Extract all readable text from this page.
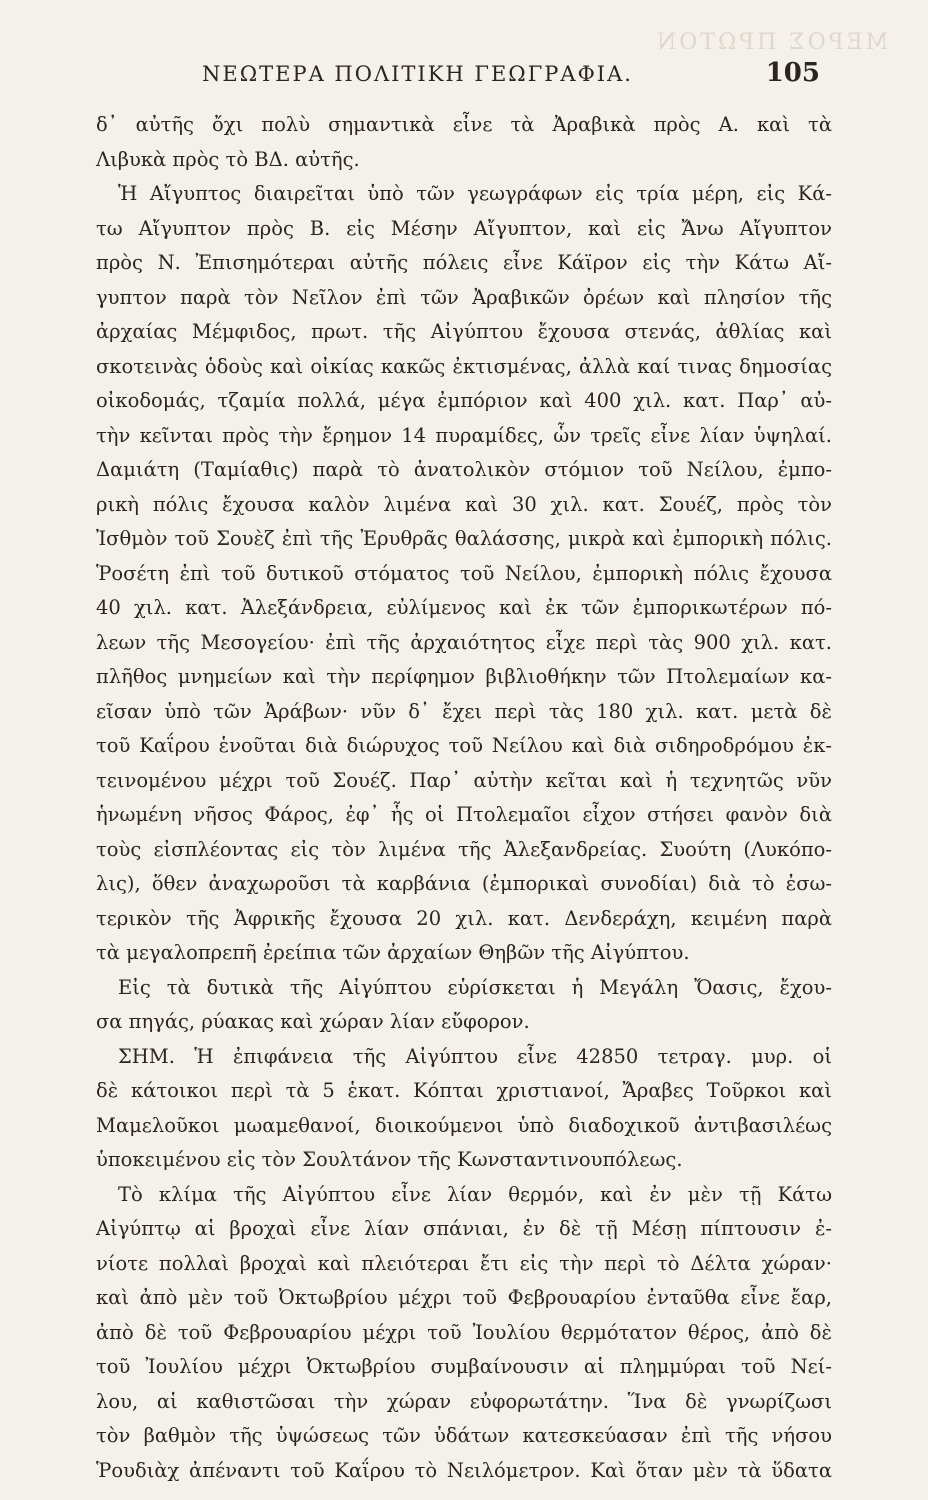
ΜΕΡΟΣ ΠΡΩΤΟΝ
ΝΕΩΤΕΡΑ ΠΟΛΙΤΙΚΗ ΓΕΩΓΡΑΦΙΑ.	105
δ᾿ αὐτῆς ὄχι πολὺ σημαντικὰ εἶνε τὰ Ἀραβικὰ πρὸς Α. καὶ τὰ
Λιβυκὰ πρὸς τὸ ΒΔ. αὐτῆς.
Ἡ Αἴγυπτος διαιρεῖται ὑπὸ τῶν γεωγράφων εἰς τρία μέρη, εἰς Κά-
τω Αἴγυπτον πρὸς Β. εἰς Μέσην Αἴγυπτον, καὶ εἰς Ἄνω Αἴγυπτον
πρὸς Ν. Ἐπισημότεραι αὐτῆς πόλεις εἶνε Κάϊρον εἰς τὴν Κάτω Αἴ-
γυπτον παρὰ τὸν Νεῖλον ἐπὶ τῶν Ἀραβικῶν ὀρέων καὶ πλησίον τῆς
ἀρχαίας Μέμφιδος, πρωτ. τῆς Αἰγύπτου ἔχουσα στενάς, ἀθλίας καὶ
σκοτεινὰς ὁδοὺς καὶ οἰκίας κακῶς ἐκτισμένας, ἀλλὰ καί τινας δημοσίας
οἰκοδομάς, τζαμία πολλά, μέγα ἐμπόριον καὶ 400 χιλ. κατ. Παρ᾿ αὐ-
τὴν κεῖνται πρὸς τὴν ἔρημον 14 πυραμίδες, ὧν τρεῖς εἶνε λίαν ὑψηλαί.
Δαμιάτη (Ταμίαθις) παρὰ τὸ ἀνατολικὸν στόμιον τοῦ Νείλου, ἐμπο-
ρικὴ πόλις ἔχουσα καλὸν λιμένα καὶ 30 χιλ. κατ. Σουέζ, πρὸς τὸν
Ἰσθμὸν τοῦ Σουὲζ ἐπὶ τῆς Ἐρυθρᾶς θαλάσσης, μικρὰ καὶ ἐμπορικὴ πόλις.
Ῥοσέτη ἐπὶ τοῦ δυτικοῦ στόματος τοῦ Νείλου, ἐμπορικὴ πόλις ἔχουσα
40 χιλ. κατ. Ἀλεξάνδρεια, εὐλίμενος καὶ ἐκ τῶν ἐμπορικωτέρων πό-
λεων τῆς Μεσογείου· ἐπὶ τῆς ἀρχαιότητος εἶχε περὶ τὰς 900 χιλ. κατ.
πλῆθος μνημείων καὶ τὴν περίφημον βιβλιοθήκην τῶν Πτολεμαίων κα-
εῖσαν ὑπὸ τῶν Ἀράβων· νῦν δ᾿ ἔχει περὶ τὰς 180 χιλ. κατ. μετὰ δὲ
τοῦ Καΐρου ἑνοῦται διὰ διώρυχος τοῦ Νείλου καὶ διὰ σιδηροδρόμου ἐκ-
τεινομένου μέχρι τοῦ Σουέζ. Παρ᾿ αὐτὴν κεῖται καὶ ἡ τεχνητῶς νῦν
ἡνωμένη νῆσος Φάρος, ἐφ᾿ ἧς οἱ Πτολεμαῖοι εἶχον στήσει φανὸν διὰ
τοὺς εἰσπλέοντας εἰς τὸν λιμένα τῆς Ἀλεξανδρείας. Συούτη (Λυκόπο-
λις), ὅθεν ἀναχωροῦσι τὰ καρβάνια (ἐμπορικαὶ συνοδίαι) διὰ τὸ ἐσω-
τερικὸν τῆς Ἀφρικῆς ἔχουσα 20 χιλ. κατ. Δενδεράχη, κειμένη παρὰ
τὰ μεγαλοπρεπῆ ἐρείπια τῶν ἀρχαίων Θηβῶν τῆς Αἰγύπτου.
Εἰς τὰ δυτικὰ τῆς Αἰγύπτου εὑρίσκεται ἡ Μεγάλη Ὄασις, ἔχου-
σα πηγάς, ρύακας καὶ χώραν λίαν εὔφορον.
ΣΗΜ. Ἡ ἐπιφάνεια τῆς Αἰγύπτου εἶνε 42850 τετραγ. μυρ. οἱ
δὲ κάτοικοι περὶ τὰ 5 ἑκατ. Κόπται χριστιανοί, Ἄραβες Τοῦρκοι καὶ
Μαμελοῦκοι μωαμεθανοί, διοικούμενοι ὑπὸ διαδοχικοῦ ἀντιβασιλέως
ὑποκειμένου εἰς τὸν Σουλτάνον τῆς Κωνσταντινουπόλεως.
Τὸ κλίμα τῆς Αἰγύπτου εἶνε λίαν θερμόν, καὶ ἐν μὲν τῇ Κάτω
Αἰγύπτῳ αἱ βροχαὶ εἶνε λίαν σπάνιαι, ἐν δὲ τῇ Μέσῃ πίπτουσιν ἐ-
νίοτε πολλαὶ βροχαὶ καὶ πλειότεραι ἔτι εἰς τὴν περὶ τὸ Δέλτα χώραν·
καὶ ἀπὸ μὲν τοῦ Ὀκτωβρίου μέχρι τοῦ Φεβρουαρίου ἐνταῦθα εἶνε ἔαρ,
ἀπὸ δὲ τοῦ Φεβρουαρίου μέχρι τοῦ Ἰουλίου θερμότατον θέρος, ἀπὸ δὲ
τοῦ Ἰουλίου μέχρι Ὀκτωβρίου συμβαίνουσιν αἱ πλημμύραι τοῦ Νεί-
λου, αἱ καθιστῶσαι τὴν χώραν εὐφορωτάτην. Ἵνα δὲ γνωρίζωσι
τὸν βαθμὸν τῆς ὑψώσεως τῶν ὑδάτων κατεσκεύασαν ἐπὶ τῆς νήσου
Ῥουδιὰχ ἀπέναντι τοῦ Καΐρου τὸ Νειλόμετρον. Καὶ ὅταν μὲν τὰ ὕδατα
